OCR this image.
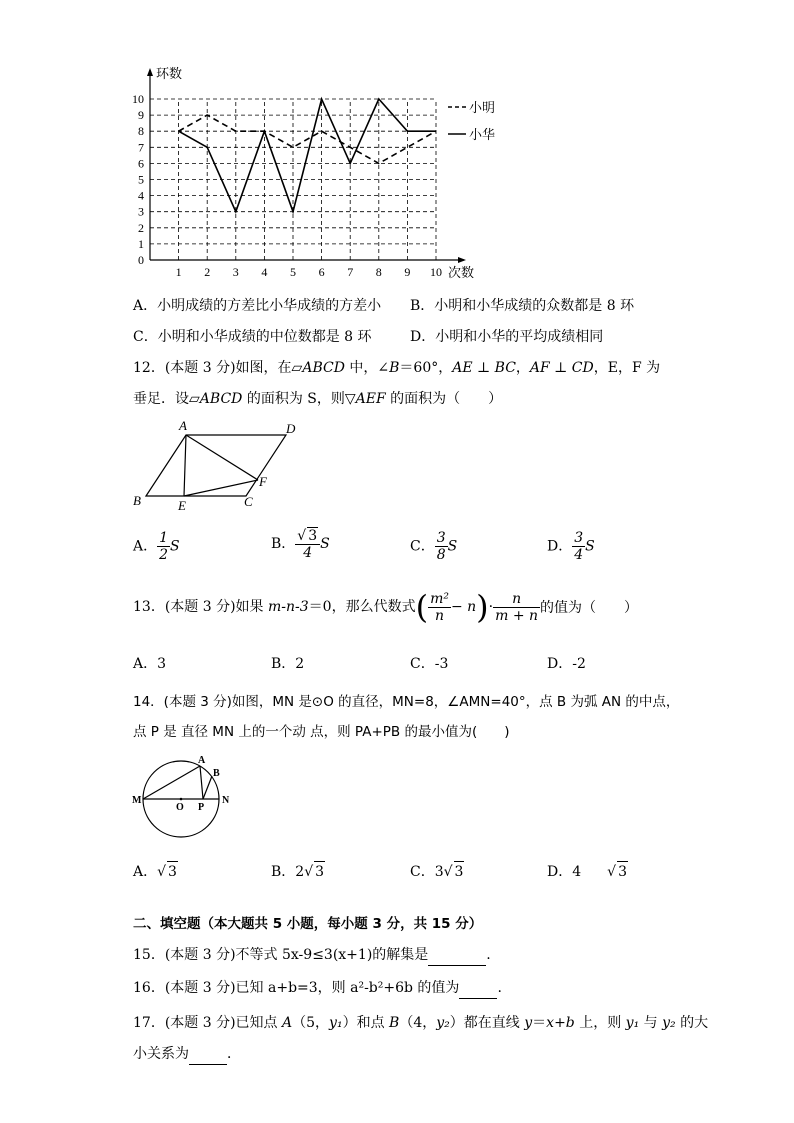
0
1
2
3
4
5
6
7
8
9
10
1 2 3 4 5 6 7 8 9 10
环数
次数
小明
小华
A．小明成绩的方差比小华成绩的方差小 B．小明和小华成绩的众数都是 8 环
C．小明和小华成绩的中位数都是 8 环	D．小明和小华的平均成绩相同
12．(本题 3 分)如图，在▱ABCD 中，∠B＝60°，AE ⊥ BC，AF ⊥ CD，E，F 为
垂足．设▱ABCD 的面积为 S，则▽AEF 的面积为（　　）
A	D
B	E	C
F
A． $\frac{1}{2}$ S	B． $\frac{√ 3}{4}$ S	C． $\frac{3}{8}$ S	D． $\frac{3}{4}$ S
13．(本题 3 分)如果 m-n-3＝0，那么代数式( $\frac{\text{m²}}{n} - n)\cdot \frac{n}{m + n}$ 的值为（　　）
A．3	B．2	C．-3	D．-2
14．(本题 3 分)如图，MN 是⊙O 的直径，MN=8，∠AMN=40°，点 B 为弧 AN 的中点，
点 P 是 直径 MN 上的一个动 点，则 PA+PB 的最小值为(　　)
M	N
O P
A
B
A．√ 3	B．2√ 3	C．3√ 3	D．4 √ 3
二、填空题（本大题共 5 小题，每小题 3 分，共 15 分）
15．(本题 3 分)不等式 5x-9≤3(x+1)的解集是	.
16．(本题 3 分)已知 a+b=3，则 a²-b²+6b 的值为	.
17．(本题 3 分)已知点 A（5，y₁）和点 B（4，y₂）都在直线 y＝x+b 上，则 y₁ 与 y₂ 的大
小关系为	．
